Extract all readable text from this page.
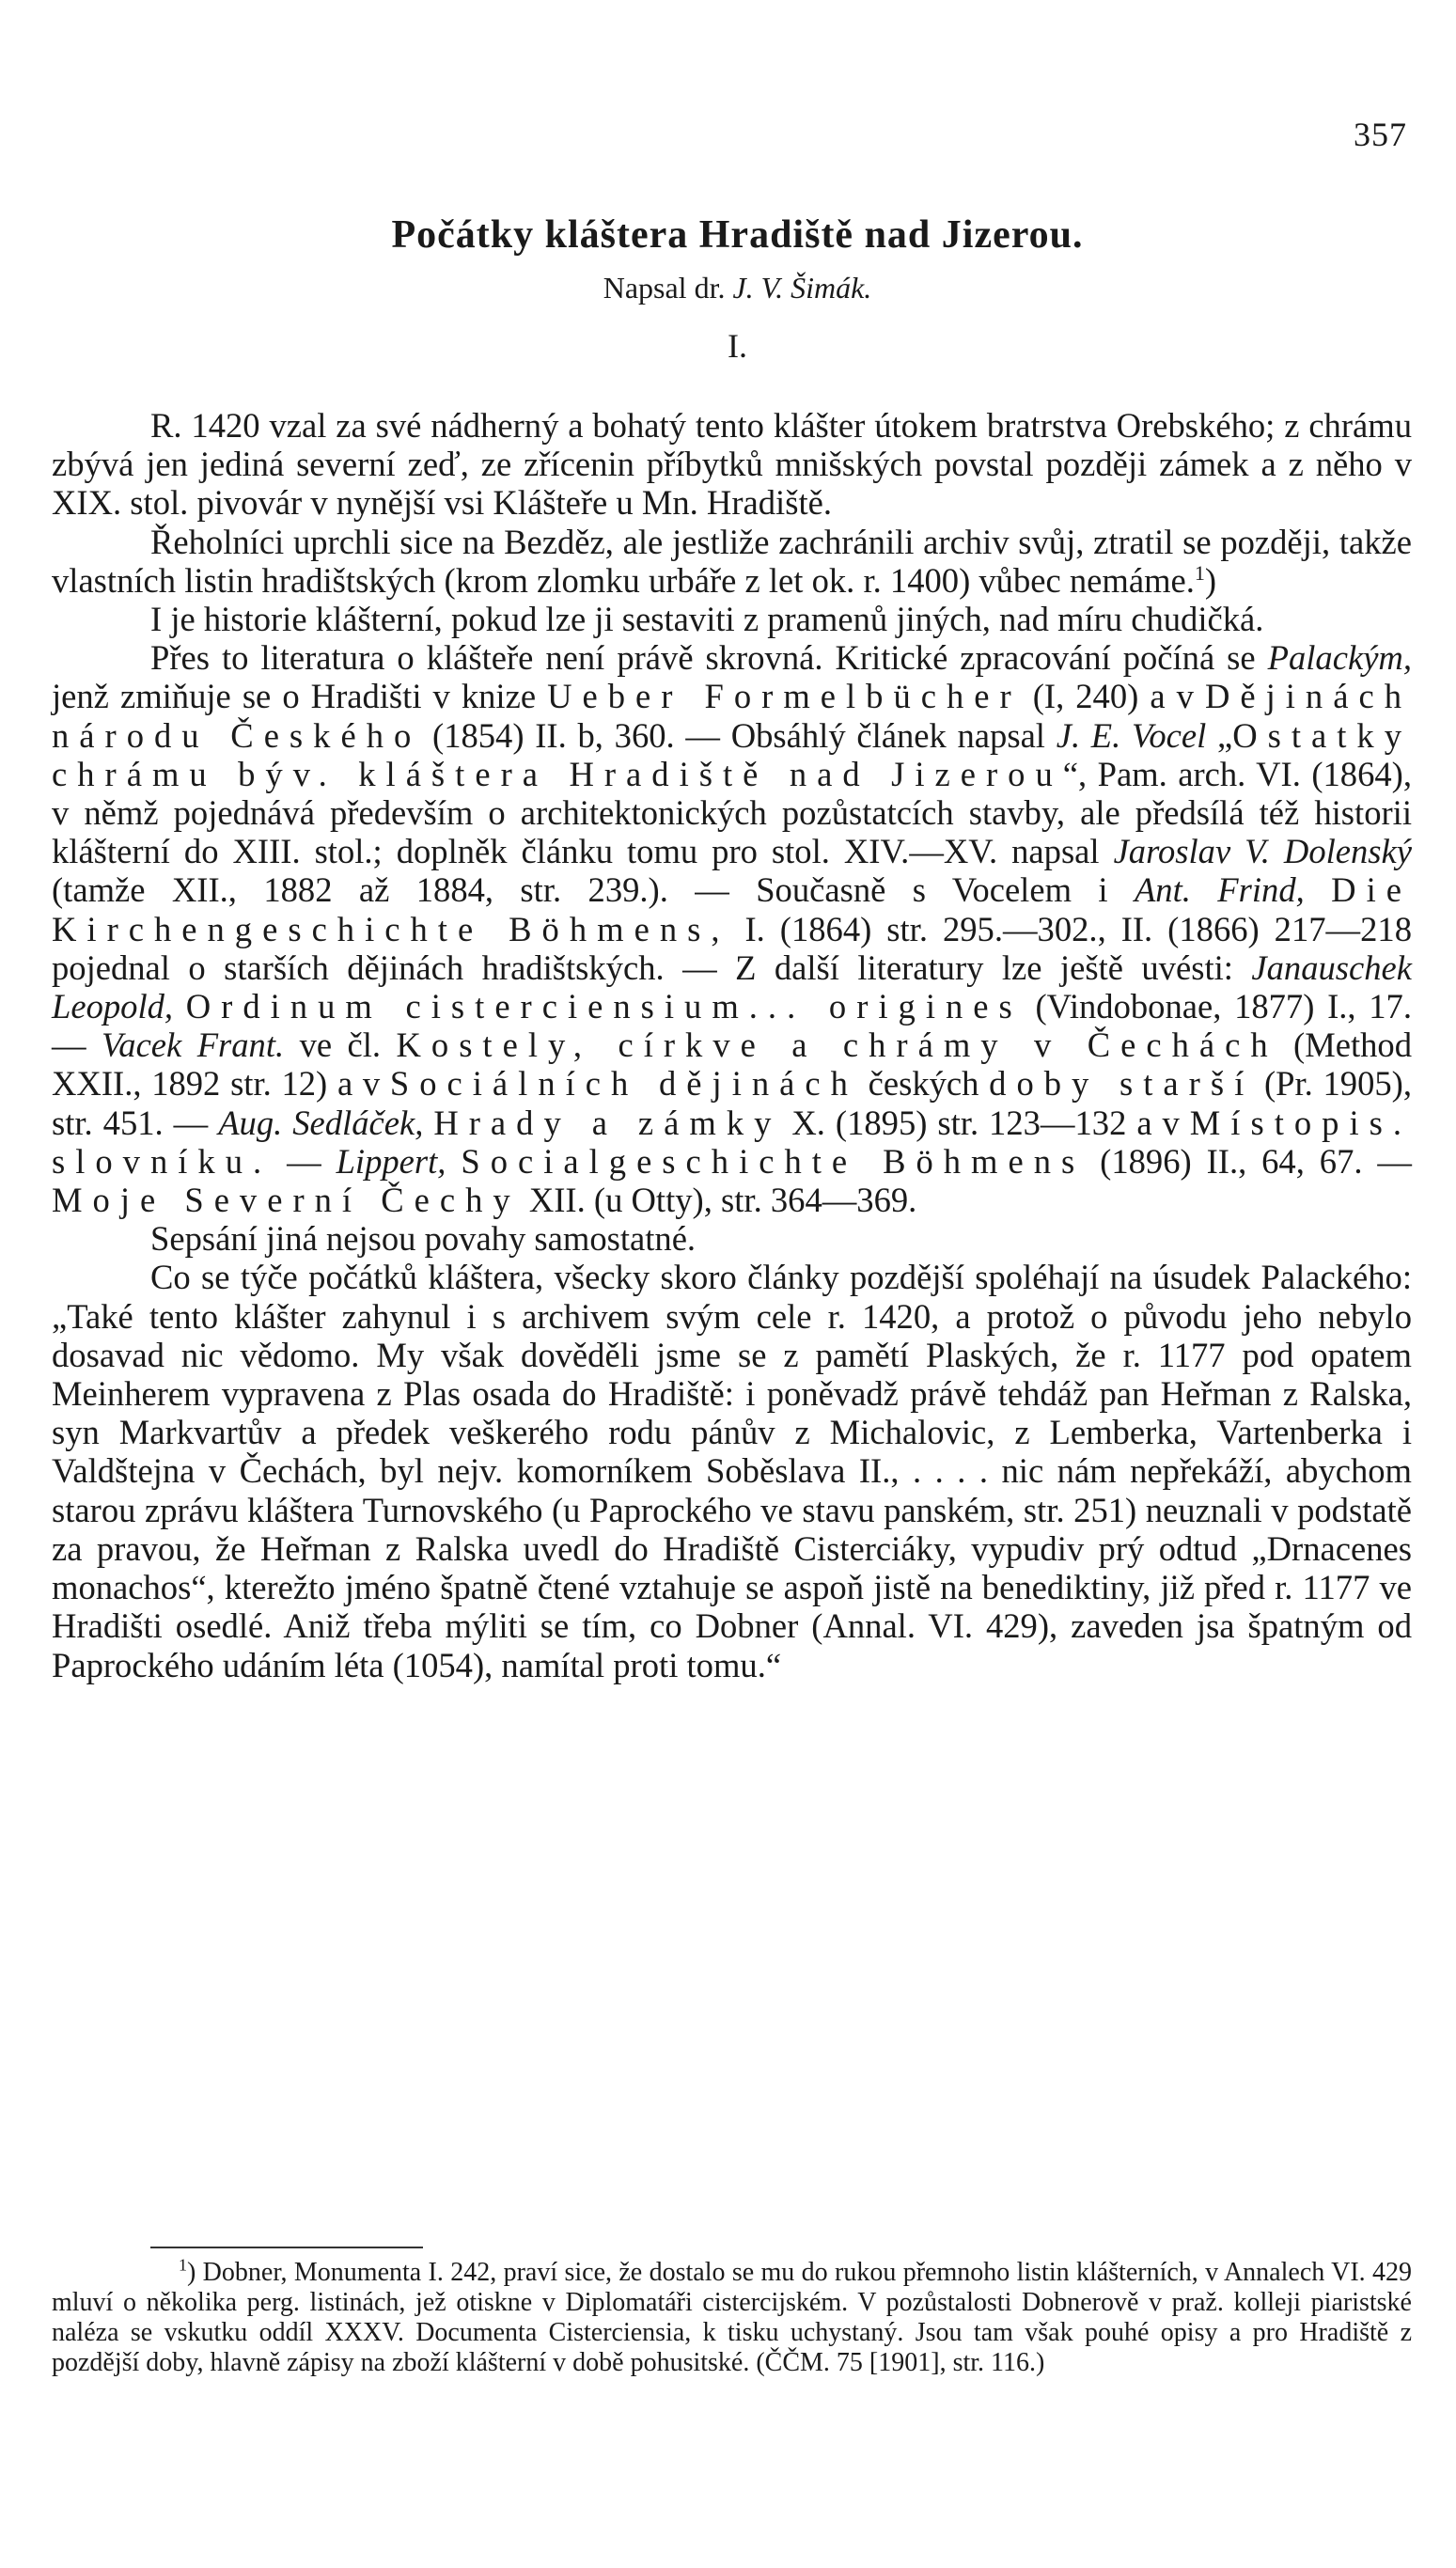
357
Počátky kláštera Hradiště nad Jizerou.
Napsal dr. J. V. Šimák.
I.

R. 1420 vzal za své nádherný a bohatý tento klášter útokem bratrstva Orebského; z chrámu zbývá jen jediná severní zeď, ze zřícenin příbytků mnišských povstal později zámek a z něho v XIX. stol. pivovár v nynější vsi Klášteře u Mn. Hradiště.

Řeholníci uprchli sice na Bezděz, ale jestliže zachránili archiv svůj, ztratil se později, takže vlastních listin hradištských (krom zlomku urbáře z let ok. r. 1400) vůbec nemáme.$^1$)

I je historie klášterní, pokud lze ji sestaviti z pramenů jiných, nad míru chudičká.

Přes to literatura o klášteře není právě skrovná. Kritické zpracování počíná se Palackým, jenž zmiňuje se o Hradišti v knize Ueber Formelbücher (I, 240) a v Dějinách národu Českého (1854) II. b, 360. — Obsáhlý článek napsal J. E. Vocel „Ostatky chrámu býv. kláštera Hradiště nad Jizerou“, Pam. arch. VI. (1864), v němž pojednává především o architektonických pozůstatcích stavby, ale předsílá též historii klášterní do XIII. stol.; doplněk článku tomu pro stol. XIV.—XV. napsal Jaroslav V. Dolenský (tamže XII., 1882 až 1884, str. 239.). — Současně s Vocelem i Ant. Frind, Die Kirchengeschichte Böhmens, I. (1864) str. 295.—302., II. (1866) 217—218 pojednal o starších dějinách hradištských. — Z další literatury lze ještě uvésti: Janauschek Leopold, Ordinum cisterciensium... origines (Vindobonae, 1877) I., 17. — Vacek Frant. ve čl. Kostely, církve a chrámy v Čechách (Method XXII., 1892 str. 12) a v Sociálních dějinách českých doby starší (Pr. 1905), str. 451. — Aug. Sedláček, Hrady a zámky X. (1895) str. 123—132 a v Místopis. slovníku. — Lippert, Socialgeschichte Böhmens (1896) II., 64, 67. — Moje Severní Čechy XII. (u Otty), str. 364—369.

Sepsání jiná nejsou povahy samostatné.

Co se týče počátků kláštera, všecky skoro články pozdější spoléhají na úsudek Palackého: „Také tento klášter zahynul i s archivem svým cele r. 1420, a protož o původu jeho nebylo dosavad nic vědomo. My však dověděli jsme se z pamětí Plaských, že r. 1177 pod opatem Meinherem vypravena z Plas osada do Hradiště: i poněvadž právě tehdáž pan Heřman z Ralska, syn Markvartův a předek veškerého rodu pánův z Michalovic, z Lemberka, Vartenberka i Valdštejna v Čechách, byl nejv. komorníkem Soběslava II., . . . . nic nám nepřekáží, abychom starou zprávu kláštera Turnovského (u Paprockého ve stavu panském, str. 251) neuznali v podstatě za pravou, že Heřman z Ralska uvedl do Hradiště Cisterciáky, vypudiv prý odtud „Drnacenes monachos“, kterežto jméno špatně čtené vztahuje se aspoň jistě na benediktiny, již před r. 1177 ve Hradišti osedlé. Aniž třeba mýliti se tím, co Dobner (Annal. VI. 429), zaveden jsa špatným od Paprockého udáním léta (1054), namítal proti tomu.“

$^1$) Dobner, Monumenta I. 242, praví sice, že dostalo se mu do rukou přemnoho listin klášterních, v Annalech VI. 429 mluví o několika perg. listinách, jež otiskne v Diplomatáři cistercijském. V pozůstalosti Dobnerově v praž. kolleji piaristské naléza se vskutku oddíl XXXV. Documenta Cisterciensia, k tisku uchystaný. Jsou tam však pouhé opisy a pro Hradiště z pozdější doby, hlavně zápisy na zboží klášterní v době pohusitské. (ČČM. 75 [1901], str. 116.)
